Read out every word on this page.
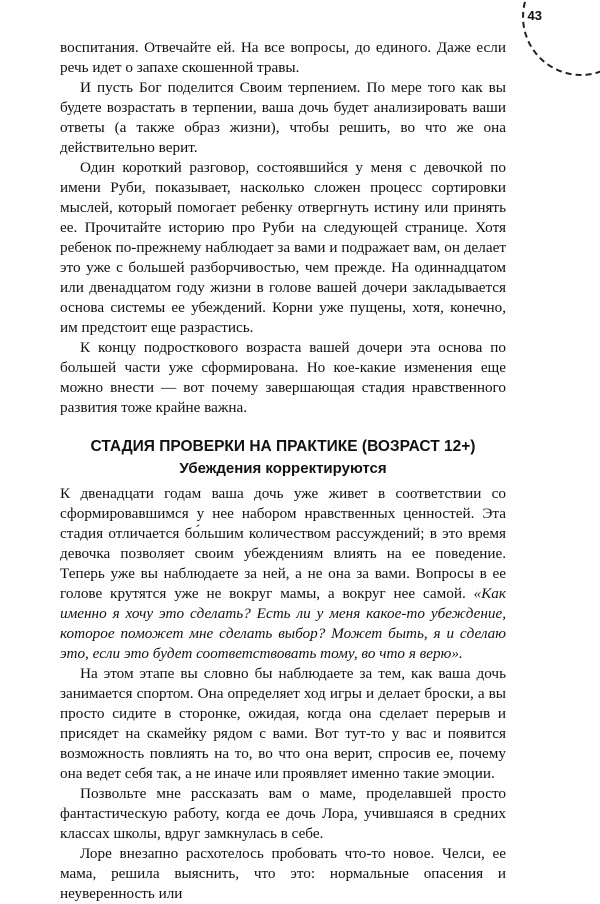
43

воспитания. Отвечайте ей. На все вопросы, до единого. Даже если речь идет о запахе скошенной травы.

И пусть Бог поделится Своим терпением. По мере того как вы будете возрастать в терпении, ваша дочь будет анализировать ваши ответы (а также образ жизни), чтобы решить, во что же она действительно верит.

Один короткий разговор, состоявшийся у меня с девочкой по имени Руби, показывает, насколько сложен процесс сортировки мыслей, который помогает ребенку отвергнуть истину или принять ее. Прочитайте историю про Руби на следующей странице. Хотя ребенок по-прежнему наблюдает за вами и подражает вам, он делает это уже с большей разборчивостью, чем прежде. На одиннадцатом или двенадцатом году жизни в голове вашей дочери закладывается основа системы ее убеждений. Корни уже пущены, хотя, конечно, им предстоит еще разрастись.

К концу подросткового возраста вашей дочери эта основа по большей части уже сформирована. Но кое-какие изменения еще можно внести — вот почему завершающая стадия нравственного развития тоже крайне важна.

СТАДИЯ ПРОВЕРКИ НА ПРАКТИКЕ (ВОЗРАСТ 12+)
Убеждения корректируются

К двенадцати годам ваша дочь уже живет в соответствии со сформировавшимся у нее набором нравственных ценностей. Эта стадия отличается бо́льшим количеством рассуждений; в это время девочка позволяет своим убеждениям влиять на ее поведение. Теперь уже вы наблюдаете за ней, а не она за вами. Вопросы в ее голове крутятся уже не вокруг мамы, а вокруг нее самой. «Как именно я хочу это сделать? Есть ли у меня какое-то убеждение, которое поможет мне сделать выбор? Может быть, я и сделаю это, если это будет соответствовать тому, во что я верю».

На этом этапе вы словно бы наблюдаете за тем, как ваша дочь занимается спортом. Она определяет ход игры и делает броски, а вы просто сидите в сторонке, ожидая, когда она сделает перерыв и присядет на скамейку рядом с вами. Вот тут-то у вас и появится возможность повлиять на то, во что она верит, спросив ее, почему она ведет себя так, а не иначе или проявляет именно такие эмоции.

Позвольте мне рассказать вам о маме, проделавшей просто фантастическую работу, когда ее дочь Лора, учившаяся в средних классах школы, вдруг замкнулась в себе.

Лоре внезапно расхотелось пробовать что-то новое. Челси, ее мама, решила выяснить, что это: нормальные опасения и неуверенность или
